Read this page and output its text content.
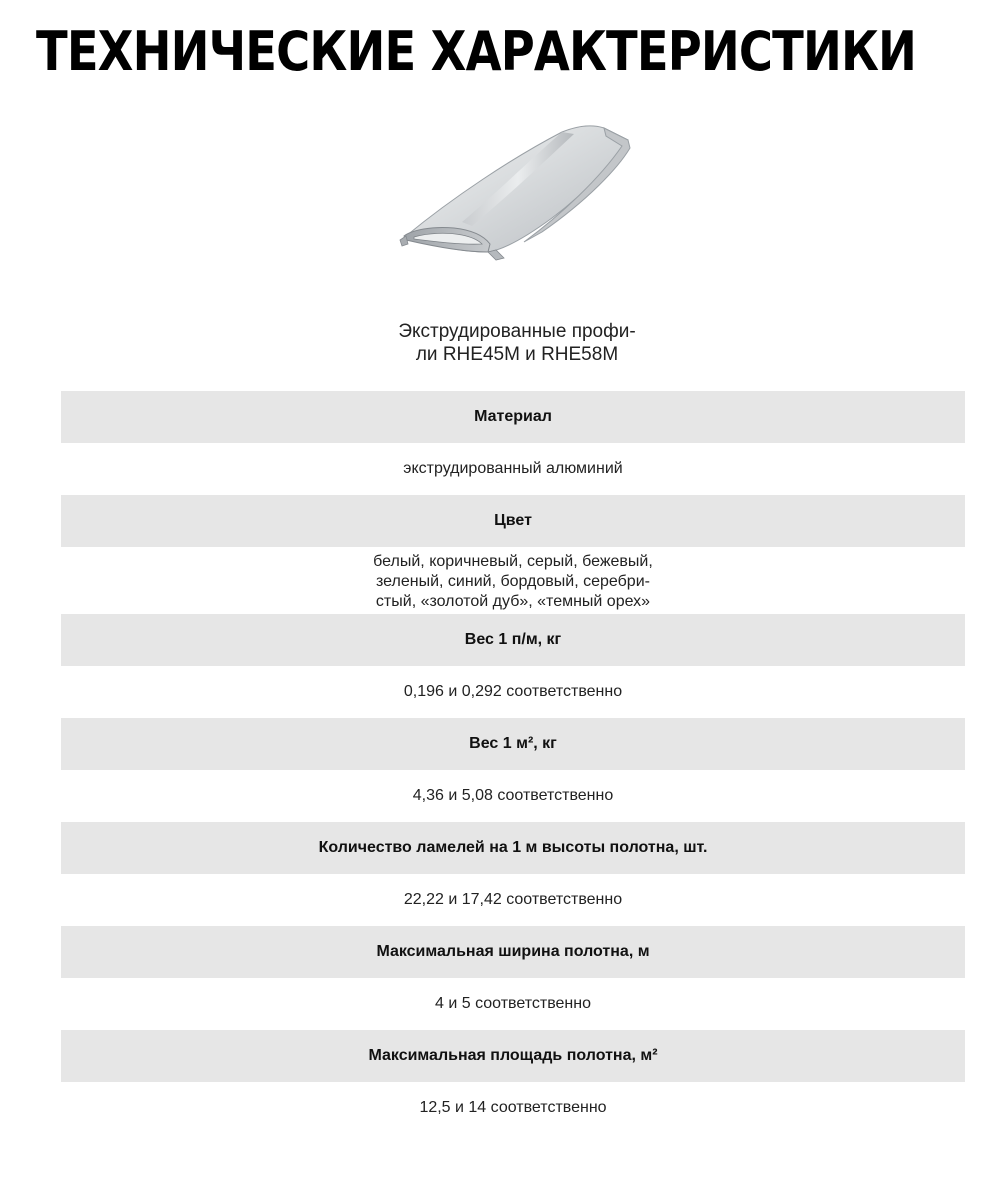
ТЕХНИЧЕСКИЕ ХАРАКТЕРИСТИКИ
Экструдированные профи-
ли RHE45M и RHE58M
Материал
экструдированный алюминий
Цвет
белый, коричневый, серый, бежевый,
зеленый, синий, бордовый, серебри-
стый, «золотой дуб», «темный орех»
Вес 1 п/м, кг
0,196 и 0,292 соответственно
Вес 1 м², кг
4,36 и 5,08 соответственно
Количество ламелей на 1 м высоты полотна, шт.
22,22 и 17,42 соответственно
Максимальная ширина полотна, м
4 и 5 соответственно
Максимальная площадь полотна, м²
12,5 и 14 соответственно
